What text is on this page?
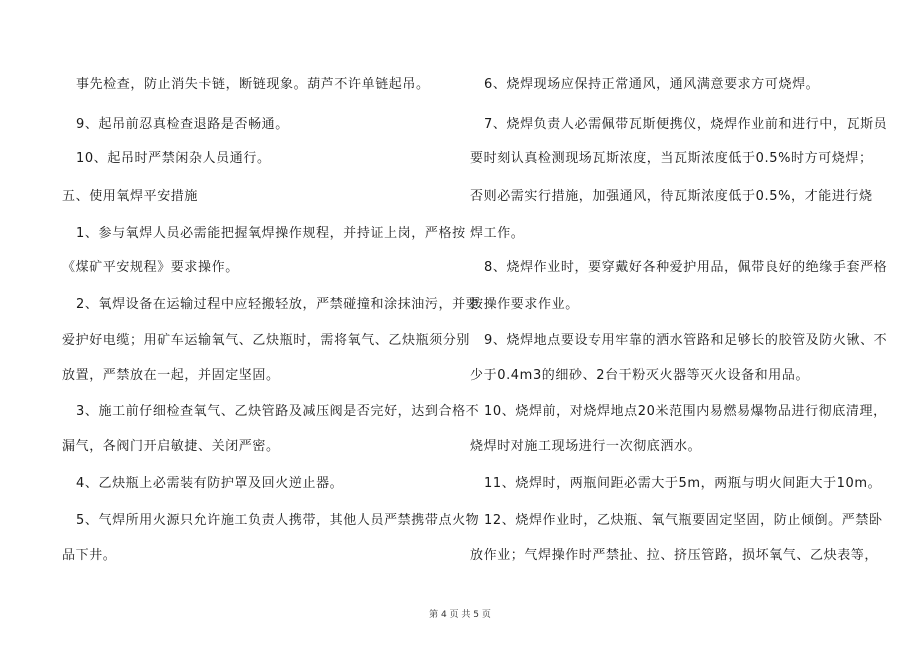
事先检查，防止消失卡链，断链现象。葫芦不许单链起吊。
9、起吊前忍真检查退路是否畅通。
10、起吊时严禁闲杂人员通行。
五、使用氧焊平安措施
1、参与氧焊人员必需能把握氧焊操作规程，并持证上岗，严格按
《煤矿平安规程》要求操作。
2、氧焊设备在运输过程中应轻搬轻放，严禁碰撞和涂抹油污，并要
爱护好电缆；用矿车运输氧气、乙炔瓶时，需将氧气、乙炔瓶须分别
放置，严禁放在一起，并固定坚固。
3、施工前仔细检查氧气、乙炔管路及减压阀是否完好，达到合格不
漏气，各阀门开启敏捷、关闭严密。
4、乙炔瓶上必需装有防护罩及回火逆止器。
5、气焊所用火源只允许施工负责人携带，其他人员严禁携带点火物
品下井。
6、烧焊现场应保持正常通风，通风满意要求方可烧焊。
7、烧焊负责人必需佩带瓦斯便携仪，烧焊作业前和进行中，瓦斯员
要时刻认真检测现场瓦斯浓度，当瓦斯浓度低于0.5%时方可烧焊；
否则必需实行措施，加强通风，待瓦斯浓度低于0.5%，才能进行烧
焊工作。
8、烧焊作业时，要穿戴好各种爱护用品，佩带良好的绝缘手套严格
按操作要求作业。
9、烧焊地点要设专用牢靠的洒水管路和足够长的胶管及防火锹、不
少于0.4m3的细砂、2台干粉灭火器等灭火设备和用品。
10、烧焊前，对烧焊地点20米范围内易燃易爆物品进行彻底清理，
烧焊时对施工现场进行一次彻底洒水。
11、烧焊时，两瓶间距必需大于5m，两瓶与明火间距大于10m。
12、烧焊作业时，乙炔瓶、氧气瓶要固定坚固，防止倾倒。严禁卧
放作业；气焊操作时严禁扯、拉、挤压管路，损坏氧气、乙炔表等，
第 4 页 共 5 页
